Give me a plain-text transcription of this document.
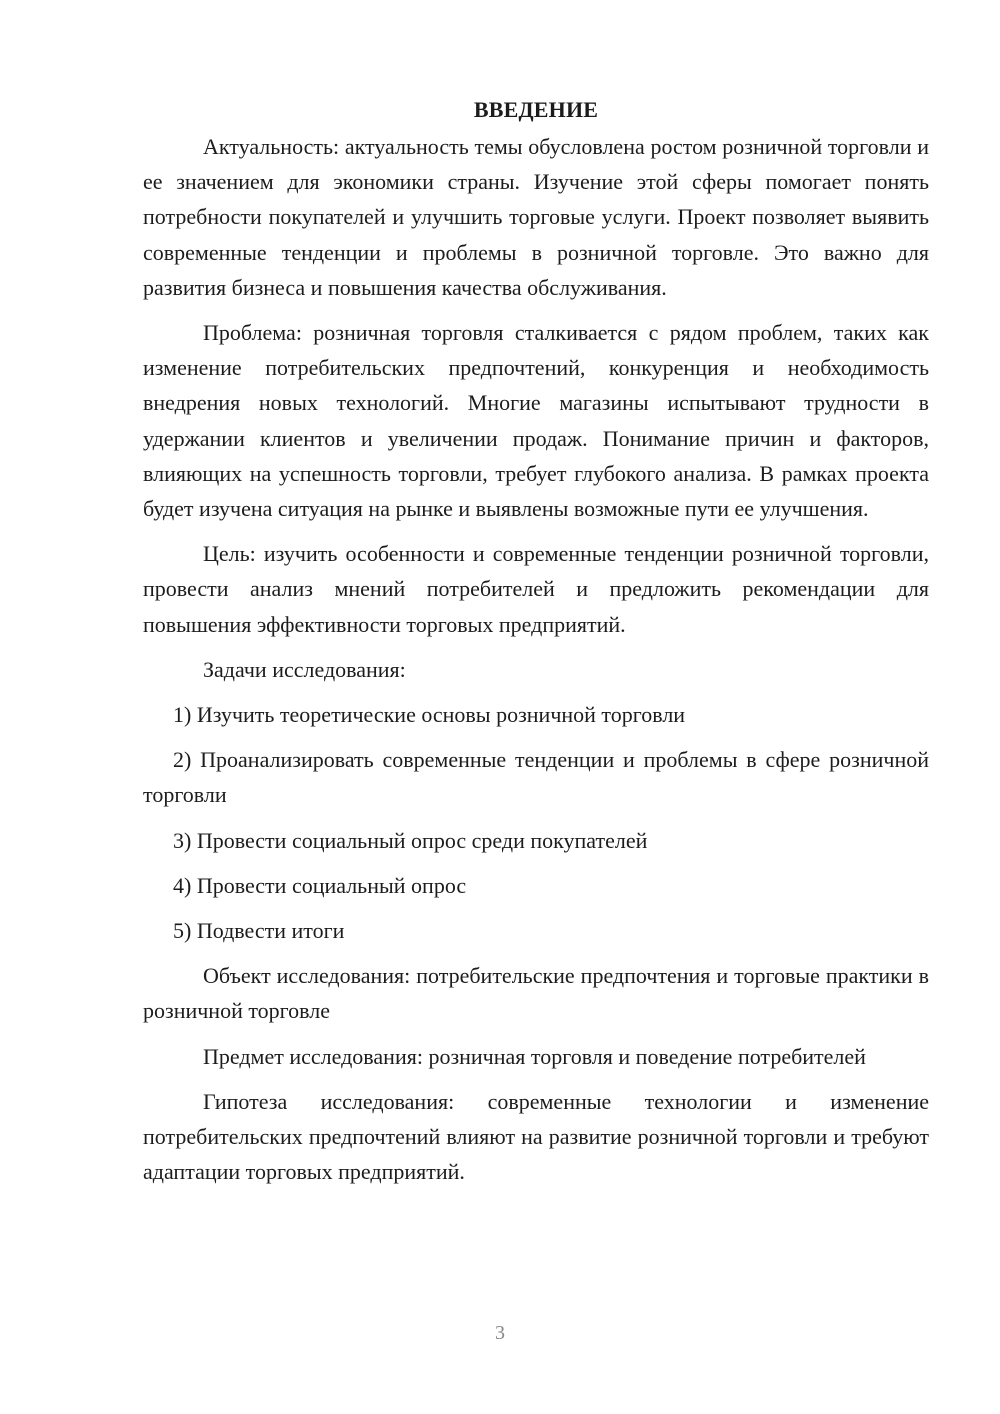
ВВЕДЕНИЕ

Актуальность: актуальность темы обусловлена ростом розничной торговли и ее значением для экономики страны. Изучение этой сферы помогает понять потребности покупателей и улучшить торговые услуги. Проект позволяет выявить современные тенденции и проблемы в розничной торговле. Это важно для развития бизнеса и повышения качества обслуживания.

Проблема: розничная торговля сталкивается с рядом проблем, таких как изменение потребительских предпочтений, конкуренция и необходимость внедрения новых технологий. Многие магазины испытывают трудности в удержании клиентов и увеличении продаж. Понимание причин и факторов, влияющих на успешность торговли, требует глубокого анализа. В рамках проекта будет изучена ситуация на рынке и выявлены возможные пути ее улучшения.

Цель: изучить особенности и современные тенденции розничной торговли, провести анализ мнений потребителей и предложить рекомендации для повышения эффективности торговых предприятий.

Задачи исследования:

1) Изучить теоретические основы розничной торговли

2) Проанализировать современные тенденции и проблемы в сфере розничной торговли

3) Провести социальный опрос среди покупателей

4) Провести социальный опрос

5) Подвести итоги

Объект исследования: потребительские предпочтения и торговые практики в розничной торговле

Предмет исследования: розничная торговля и поведение потребителей

Гипотеза исследования: современные технологии и изменение потребительских предпочтений влияют на развитие розничной торговли и требуют адаптации торговых предприятий.

3
